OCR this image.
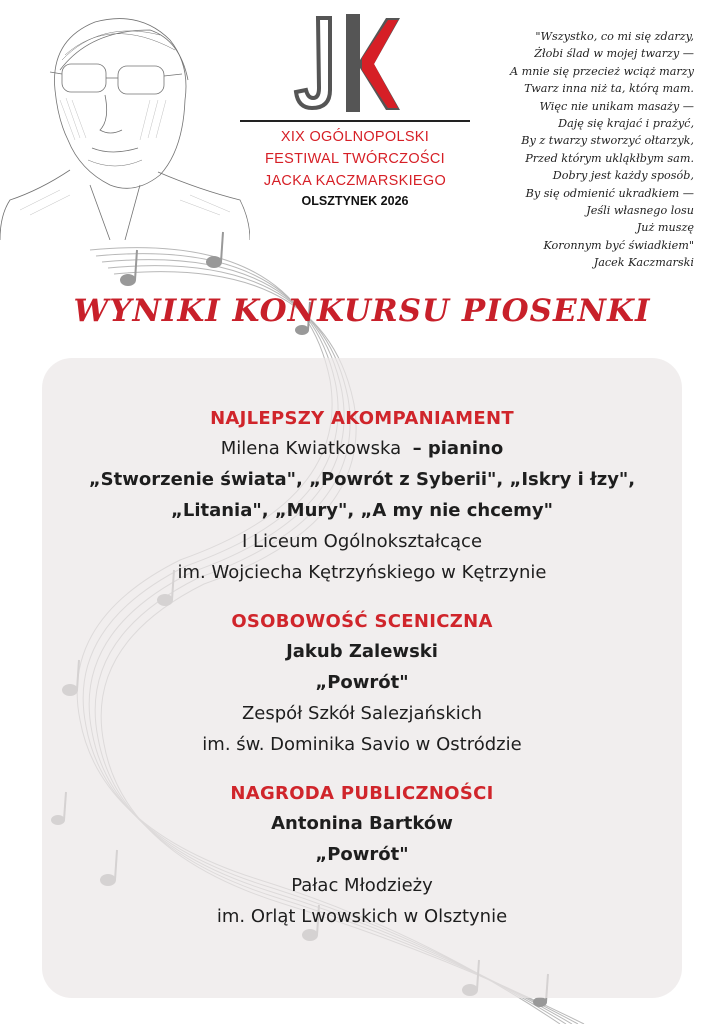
XIX OGÓLNOPOLSKI
FESTIWAL TWÓRCZOŚCI
JACKA KACZMARSKIEGO
OLSZTYNEK 2026
"Wszystko, co mi się zdarzy,
Żłobi ślad w mojej twarzy —
A mnie się przecież wciąż marzy
Twarz inna niż ta, którą mam.
Więc nie unikam masaży —
Daję się krajać i prażyć,
By z twarzy stworzyć ołtarzyk,
Przed którym ukląkłbym sam.
Dobry jest każdy sposób,
By się odmienić ukradkiem —
Jeśli własnego losu
Już muszę
Koronnym być świadkiem"
Jacek Kaczmarski
WYNIKI KONKURSU PIOSENKI
NAJLEPSZY AKOMPANIAMENT
Milena Kwiatkowska – pianino
„Stworzenie świata", „Powrót z Syberii", „Iskry i łzy",
„Litania", „Mury", „A my nie chcemy"
I Liceum Ogólnokształcące
im. Wojciecha Kętrzyńskiego w Kętrzynie
OSOBOWOŚĆ SCENICZNA
Jakub Zalewski
„Powrót"
Zespół Szkół Salezjańskich
im. św. Dominika Savio w Ostródzie
NAGRODA PUBLICZNOŚCI
Antonina Bartków
„Powrót"
Pałac Młodzieży
im. Orląt Lwowskich w Olsztynie
